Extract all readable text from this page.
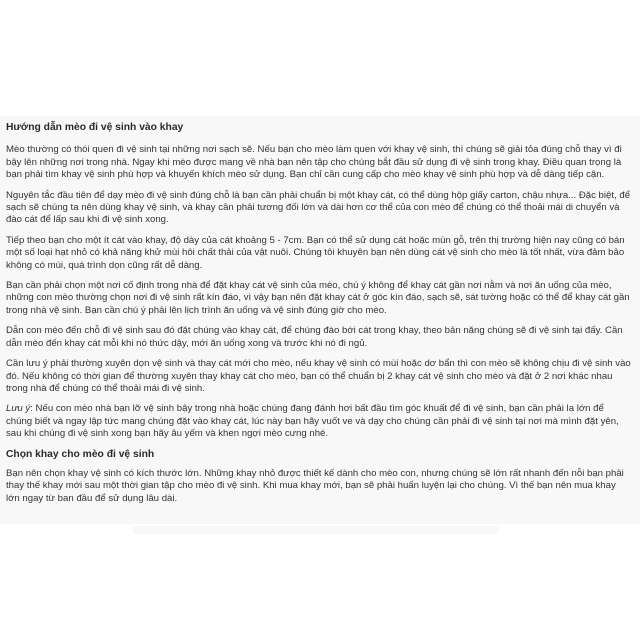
Hướng dẫn mèo đi vệ sinh vào khay

Mèo thường có thói quen đi vệ sinh tại những nơi sạch sẽ. Nếu bạn cho mèo làm quen với khay vệ sinh, thì chúng sẽ giải tỏa đúng chỗ thay vì đi bậy lên những nơi trong nhà. Ngay khi mèo được mang về nhà bạn nên tập cho chúng bắt đầu sử dụng đi vệ sinh trong khay. Điều quan trọng là bạn phải tìm khay vệ sinh phù hợp và khuyến khích mèo sử dụng. Bạn chỉ cần cung cấp cho mèo khay vệ sinh phù hợp và dễ dàng tiếp cận.

Nguyên tắc đầu tiên để dạy mèo đi vệ sinh đúng chỗ là bạn cần phải chuẩn bị một khay cát, có thể dùng hộp giấy carton, chậu nhựa... Đặc biệt, để sạch sẽ chúng ta nên dùng khay vệ sinh, và khay cần phải tương đối lớn và dài hơn cơ thể của con mèo để chúng có thể thoải mái di chuyển và đào cát để lấp sau khi đi vệ sinh xong.

Tiếp theo bạn cho một ít cát vào khay, độ dày của cát khoảng 5 - 7cm. Bạn có thể sử dụng cát hoặc mùn gỗ, trên thị trường hiện nay cũng có bán một số loại hạt nhỏ có khả năng khử mùi hôi chất thải của vật nuôi. Chúng tôi khuyên bạn nên dùng cát vệ sinh cho mèo là tốt nhất, vừa đảm bảo không có mùi, quá trình dọn cũng rất dễ dàng.

Bạn cần phải chọn một nơi cố định trong nhà để đặt khay cát vệ sinh của mèo, chú ý không để khay cát gần nơi nằm và nơi ăn uống của mèo, những con mèo thường chọn nơi đi vệ sinh rất kín đáo, vì vậy bạn nên đặt khay cát ở góc kín đáo, sạch sẽ, sát tường hoặc có thể để khay cát gần trong nhà vệ sinh. Bạn cần chú ý phải lên lịch trình ăn uống và vệ sinh đúng giờ cho mèo.

Dẫn con mèo đến chỗ đi vệ sinh sau đó đặt chúng vào khay cát, để chúng đào bới cát trong khay, theo bản năng chúng sẽ đi vệ sinh tại đấy. Cần dẫn mèo đến khay cát mỗi khi nó thức dậy, mới ăn uống xong và trước khi nó đi ngủ.

Cần lưu ý phải thường xuyên dọn vệ sinh và thay cát mới cho mèo, nếu khay vệ sinh có mùi hoặc dơ bẩn thì con mèo sẽ không chịu đi vệ sinh vào đó. Nếu không có thời gian để thường xuyên thay khay cát cho mèo, bạn có thể chuẩn bị 2 khay cát vệ sinh cho mèo và đặt ở 2 nơi khác nhau trong nhà để chúng có thể thoải mái đi vệ sinh.

Lưu ý: Nếu con mèo nhà bạn lỡ vệ sinh bậy trong nhà hoặc chúng đang đánh hơi bất đầu tìm góc khuất để đi vệ sinh, bạn cần phải la lớn để chúng biết và ngay lập tức mang chúng đặt vào khay cát, lúc này bạn hãy vuốt ve và dạy cho chúng cần phải đi vệ sinh tại nơi mà mình đặt yên, sau khi chúng đi vệ sinh xong bạn hãy âu yếm và khen ngợi mèo cưng nhé.

Chọn khay cho mèo đi vệ sinh

Bạn nên chọn khay vệ sinh có kích thước lớn. Những khay nhỏ được thiết kế dành cho mèo con, nhưng chúng sẽ lớn rất nhanh đến nỗi bạn phải thay thế khay mới sau một thời gian tập cho mèo đi vệ sinh. Khi mua khay mới, bạn sẽ phải huấn luyện lại cho chúng. Vì thế bạn nên mua khay lớn ngay từ ban đầu để sử dụng lâu dài.
